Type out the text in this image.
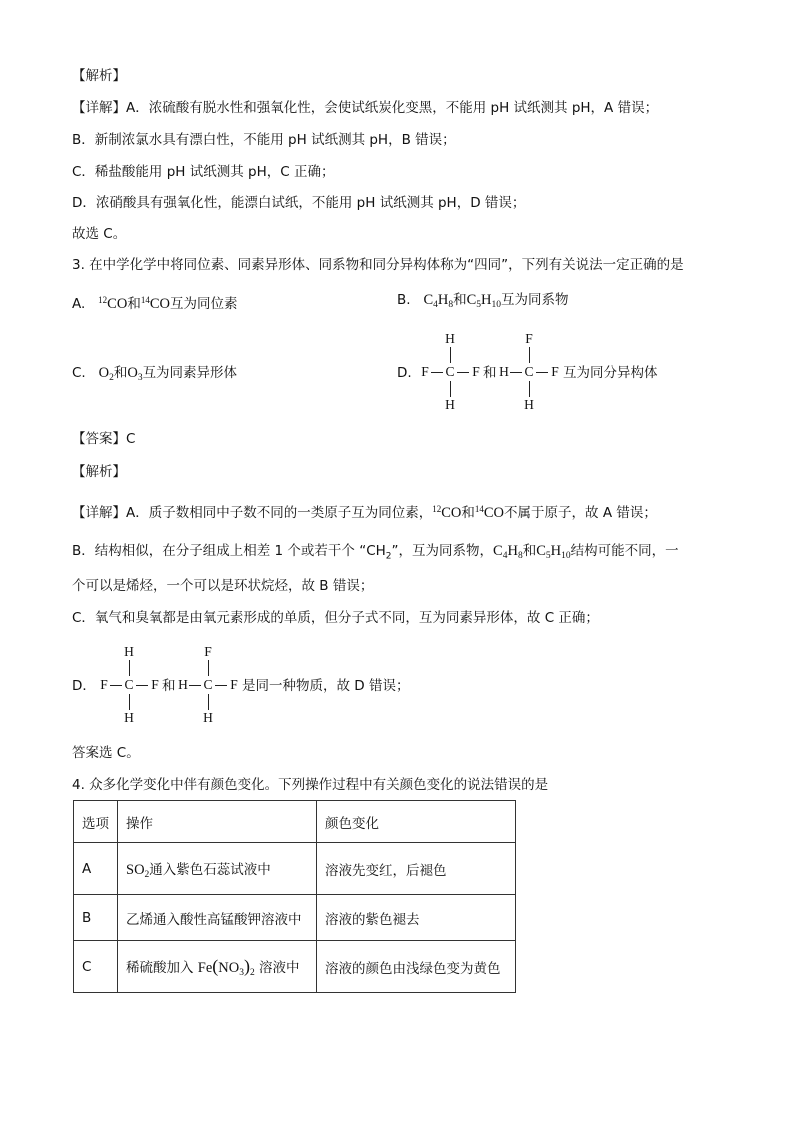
【解析】
【详解】A．浓硫酸有脱水性和强氧化性，会使试纸炭化变黑，不能用 pH 试纸测其 pH，A 错误；
B．新制浓氯水具有漂白性，不能用 pH 试纸测其 pH，B 错误；
C．稀盐酸能用 pH 试纸测其 pH，C 正确；
D．浓硝酸具有强氧化性，能漂白试纸，不能用 pH 试纸测其 pH，D 错误；
故选 C。
3. 在中学化学中将同位素、同素异形体、同系物和同分异构体称为“四同”，下列有关说法一定正确的是
A. $^{12}$CO和$^{14}$CO互为同位素	B. $C_4H_8$和$C_5H_{10}$互为同系物
C. $O_2$和$O_3$互为同素异形体	D.
H
F C F
H
和
F
H C F
H
互为同分异构体
【答案】C
【解析】
【详解】A．质子数相同中子数不同的一类原子互为同位素，$^{12}$CO和$^{14}$CO不属于原子，故 A 错误；
B．结构相似，在分子组成上相差 1 个或若干个 “$CH_2$”，互为同系物，$C_4H_8$和$C_5H_{10}$结构可能不同，一
个可以是烯烃，一个可以是环状烷烃，故 B 错误；
C．氧气和臭氧都是由氧元素形成的单质，但分子式不同，互为同素异形体，故 C 正确；
D．
H
F C F
H
和
F
H C F
H
是同一种物质，故 D 错误；
答案选 C。
4. 众多化学变化中伴有颜色变化。下列操作过程中有关颜色变化的说法错误的是
选项	操作	颜色变化
A	$SO_2$通入紫色石蕊试液中	溶液先变红，后褪色
B	乙烯通入酸性高锰酸钾溶液中	溶液的紫色褪去
C	稀硫酸加入 $Fe(NO_3)_2$ 溶液中	溶液的颜色由浅绿色变为黄色
